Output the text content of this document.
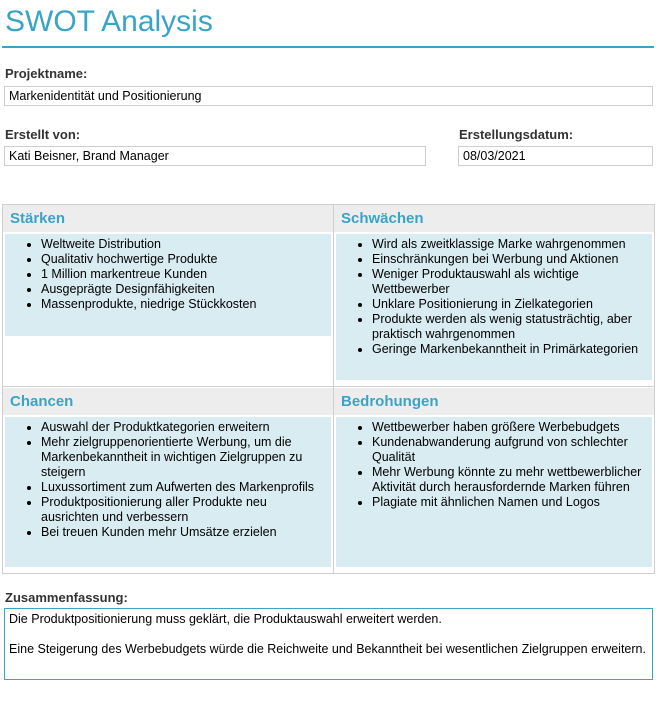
SWOT Analysis
Projektname:
Markenidentität und Positionierung
Erstellt von:
Kati Beisner, Brand Manager
Erstellungsdatum:
08/03/2021
Stärken
• Weltweite Distribution
• Qualitativ hochwertige Produkte
• 1 Million markentreue Kunden
• Ausgeprägte Designfähigkeiten
• Massenprodukte, niedrige Stückkosten
Schwächen
• Wird als zweitklassige Marke wahrgenommen
• Einschränkungen bei Werbung und Aktionen
• Weniger Produktauswahl als wichtige Wettbewerber
• Unklare Positionierung in Zielkategorien
• Produkte werden als wenig statusträchtig, aber praktisch wahrgenommen
• Geringe Markenbekanntheit in Primärkategorien
Chancen
• Auswahl der Produktkategorien erweitern
• Mehr zielgruppenorientierte Werbung, um die Markenbekanntheit in wichtigen Zielgruppen zu steigern
• Luxussortiment zum Aufwerten des Markenprofils
• Produktpositionierung aller Produkte neu ausrichten und verbessern
• Bei treuen Kunden mehr Umsätze erzielen
Bedrohungen
• Wettbewerber haben größere Werbebudgets
• Kundenabwanderung aufgrund von schlechter Qualität
• Mehr Werbung könnte zu mehr wettbewerblicher Aktivität durch herausfordernde Marken führen
• Plagiate mit ähnlichen Namen und Logos
Zusammenfassung:

Die Produktpositionierung muss geklärt, die Produktauswahl erweitert werden.

Eine Steigerung des Werbebudgets würde die Reichweite und Bekanntheit bei wesentlichen Zielgruppen erweitern.
